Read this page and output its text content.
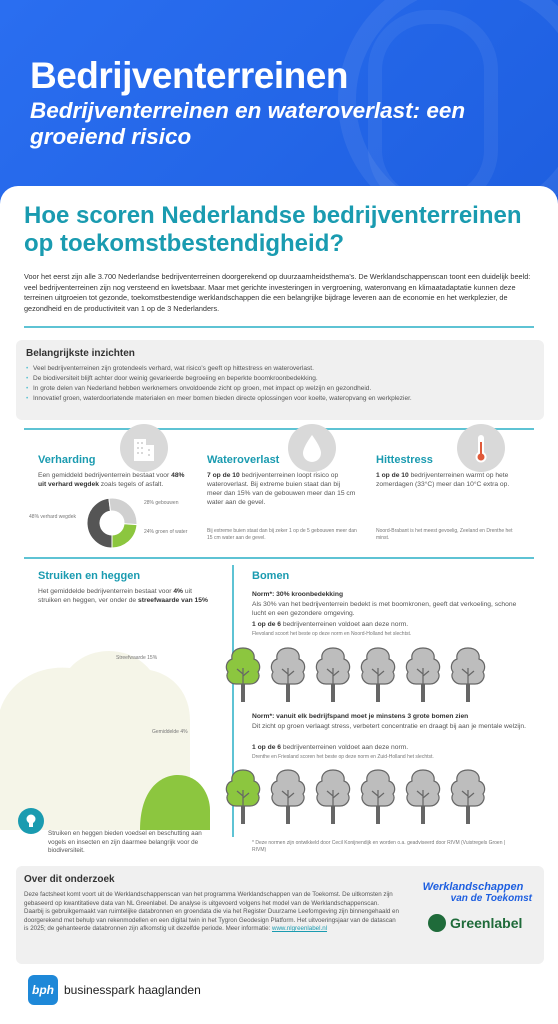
Bedrijventerreinen
Bedrijventerreinen en wateroverlast: een groeiend risico
Hoe scoren Nederlandse bedrijventerreinen op toekomstbestendigheid?
Voor het eerst zijn alle 3.700 Nederlandse bedrijventerreinen doorgerekend op duurzaamheidsthema's. De Werklandschappenscan toont een duidelijk beeld: veel bedrijventerreinen zijn nog versteend en kwetsbaar. Maar met gerichte investeringen in vergroening, waterопvang en klimaatadaptatie kunnen deze terreinen uitgroeien tot gezonde, toekomstbestendige werklandschappen die een belangrijke bijdrage leveren aan de economie en het werkplezier, de gezondheid en de productiviteit van 1 op de 3 Nederlanders.
Belangrijkste inzichten
• Veel bedrijventerreinen zijn grotendeels verhard, wat risico's geeft op hittestress en wateroverlast.
• De biodiversiteit blijft achter door weinig gevarieerde begroeiing en beperkte boomkroonbedekking.
• In grote delen van Nederland hebben werknemers onvoldoende zicht op groen, met impact op welzijn en gezondheid.
• Innovatief groen, waterdoorlatende materialen en meer bomen bieden directe oplossingen voor koelte, waterоpvang en werkplezier.
Verharding
Een gemiddeld bedrijventerrein bestaat voor 48% uit verhard wegdek zoals tegels of asfalt.
48% verhard wegdek
28% gebouwen
24% groen of water
Wateroverlast
7 op de 10 bedrijventerreinen loopt risico op wateroverlast. Bij extreme buien staat dan bij meer dan 15% van de gebouwen meer dan 15 cm water aan de gevel.
Bij extreme buien staat dan bij zeker 1 op de 5 gebouwen meer dan 15 cm water aan de gevel.
Hittestress
1 op de 10 bedrijventerreinen warmt op hete zomerdagen (33°C) meer dan 10°C extra op.
Noord-Brabant is het meest gevoelig, Zeeland en Drenthe het minst.
Struiken en heggen
Het gemiddelde bedrijventerrein bestaat voor 4% uit struiken en heggen, ver onder de streefwaarde van 15%
Streefwaarde 15%
Gemiddelde 4%
Struiken en heggen bieden voedsel en beschutting aan vogels en insecten en zijn daarmee belangrijk voor de biodiversiteit.
Bomen
Norm*: 30% kroonbedekking
Als 30% van het bedrijventerrein bedekt is met boomkronen, geeft dat verkoeling, schone lucht en een gezondere omgeving.
1 op de 6 bedrijventerreinen voldoet aan deze norm.
Flevoland scoort het beste op deze norm en Noord-Holland het slechtst.
Norm*: vanuit elk bedrijfspand moet je minstens 3 grote bomen zien
Dit zicht op groen verlaagt stress, verbetert concentratie en draagt bij aan je mentale welzijn.
1 op de 6 bedrijventerreinen voldoet aan deze norm.
Drenthe en Friesland scoren het beste op deze norm en Zuid-Holland het slechtst.
* Deze normen zijn ontwikkeld door Cecil Konijnendijk en worden o.a. geadviseerd door RIVM (Vuistregels Groen | RIVM)
Over dit onderzoek
Deze factsheet komt voort uit de Werklandschappenscan van het programma Werklandschappen van de Toekomst. De uitkomsten zijn gebaseerd op kwantitatieve data van NL Greenlabel. De analyse is uitgevoerd volgens het model van de Werklandschappenscan. Daarbij is gebruikgemaakt van ruimtelijke databronnen en groendata die via het Register Duurzame Leefomgeving zijn binnengehaald en doorgerekend met behulp van rekenmodellen en een digital twin in het Tygron Geodesign Platform. Het uitvoeringsjaar van de datascan is 2025; de gehanteerde databronnen zijn afkomstig uit dezelfde periode. Meer informatie: www.nlgreenlabel.nl
Werklandschappen
van de Toekomst
Greenlabel
bph businesspark haaglanden
